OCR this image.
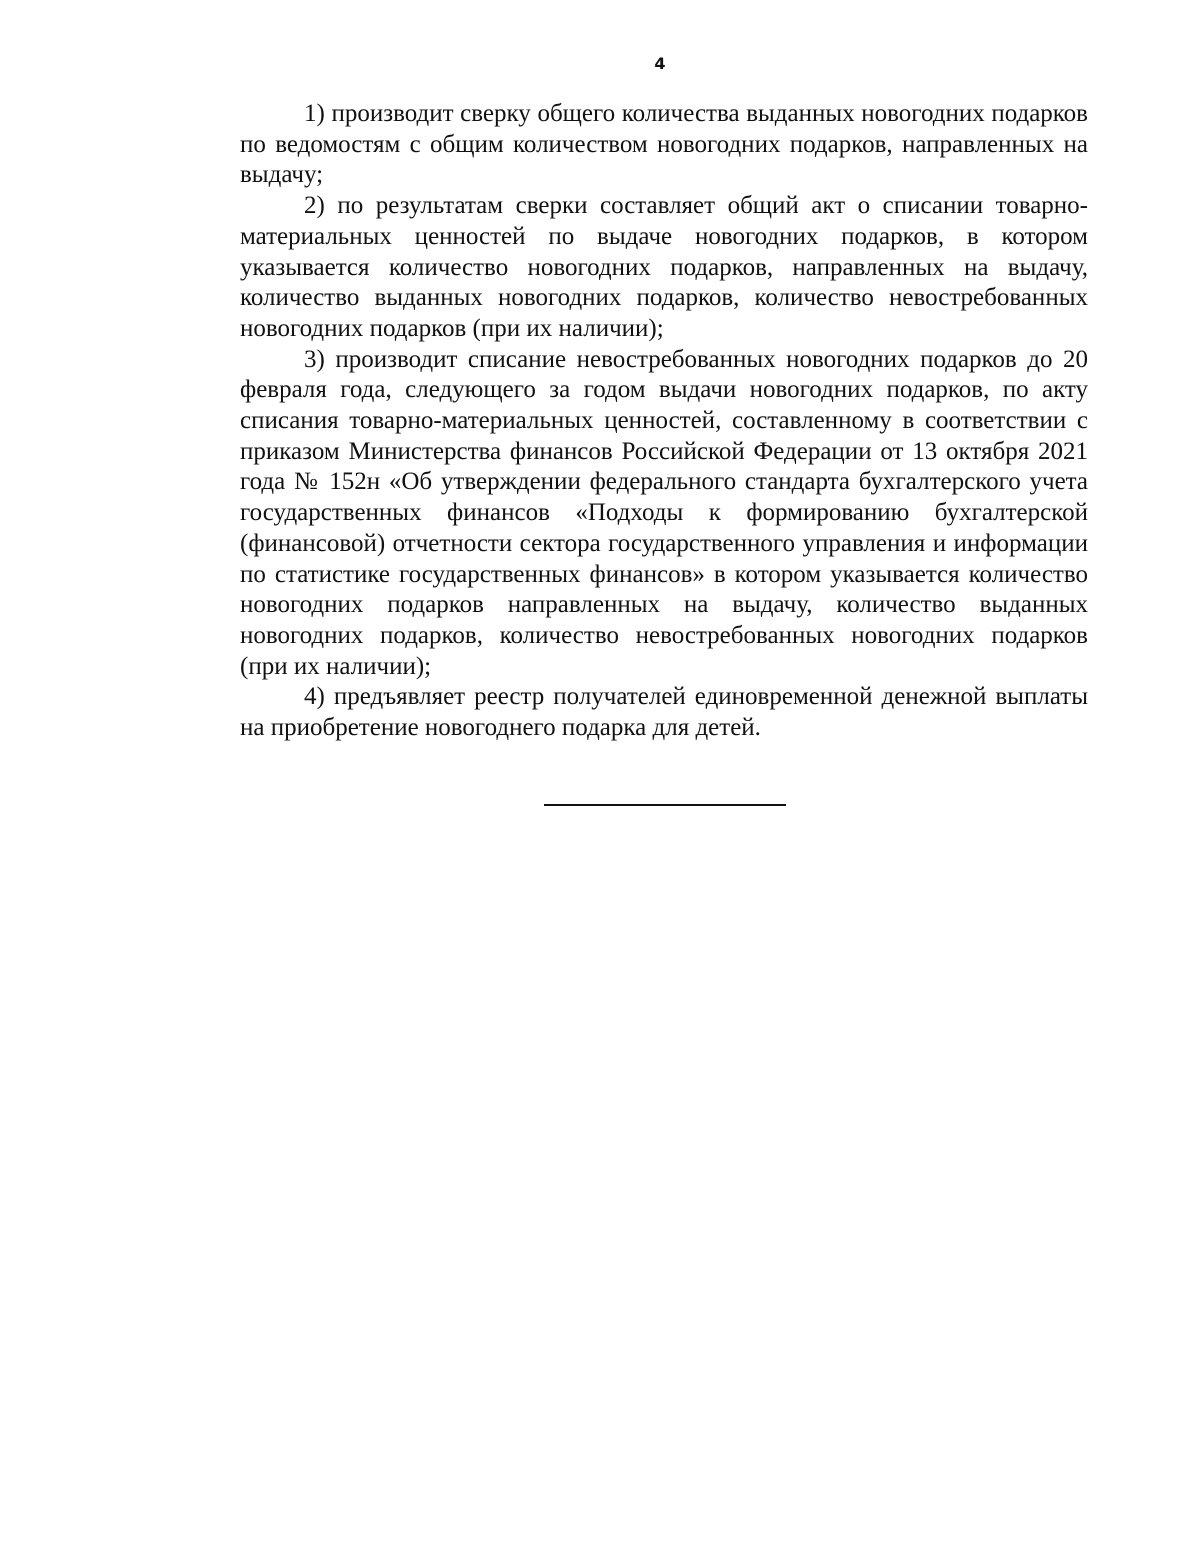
4

1) производит сверку общего количества выданных новогодних подарков по ведомостям с общим количеством новогодних подарков, направленных на выдачу;

2) по результатам сверки составляет общий акт о списании товарно-материальных ценностей по выдаче новогодних подарков, в котором указывается количество новогодних подарков, направленных на выдачу, количество выданных новогодних подарков, количество невостребованных новогодних подарков (при их наличии);

3) производит списание невостребованных новогодних подарков до 20 февраля года, следующего за годом выдачи новогодних подарков, по акту списания товарно-материальных ценностей, составленному в соответствии с приказом Министерства финансов Российской Федерации от 13 октября 2021 года № 152н «Об утверждении федерального стандарта бухгалтерского учета государственных финансов «Подходы к формированию бухгалтерской (финансовой) отчетности сектора государственного управления и информации по статистике государственных финансов» в котором указывается количество новогодних подарков направленных на выдачу, количество выданных новогодних подарков, количество невостребованных новогодних подарков (при их наличии);

4) предъявляет реестр получателей единовременной денежной выплаты на приобретение новогоднего подарка для детей.
